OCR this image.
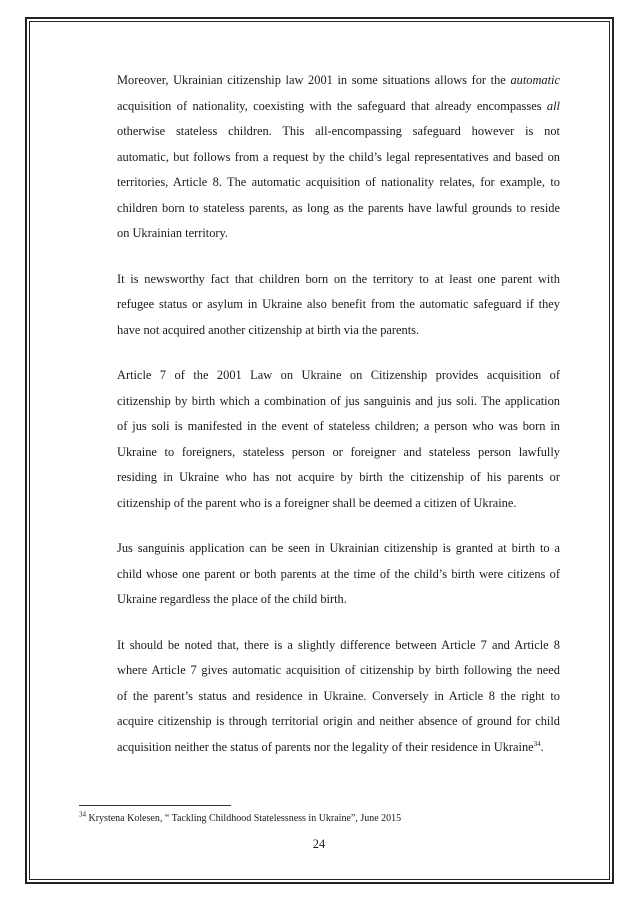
Moreover, Ukrainian citizenship law 2001 in some situations allows for the automatic
acquisition of nationality, coexisting with the safeguard that already encompasses all
otherwise stateless children. This all-encompassing safeguard however is not
automatic, but follows from a request by the child’s legal representatives and based on
territories, Article 8. The automatic acquisition of nationality relates, for example, to
children born to stateless parents, as long as the parents have lawful grounds to reside
on Ukrainian territory.

It is newsworthy fact that children born on the territory to at least one parent with
refugee status or asylum in Ukraine also benefit from the automatic safeguard if they
have not acquired another citizenship at birth via the parents.

Article 7 of the 2001 Law on Ukraine on Citizenship provides acquisition of
citizenship by birth which a combination of jus sanguinis and jus soli. The application
of jus soli is manifested in the event of stateless children; a person who was born in
Ukraine to foreigners, stateless person or foreigner and stateless person lawfully
residing in Ukraine who has not acquire by birth the citizenship of his parents or
citizenship of the parent who is a foreigner shall be deemed a citizen of Ukraine.

Jus sanguinis application can be seen in Ukrainian citizenship is granted at birth to a
child whose one parent or both parents at the time of the child’s birth were citizens of
Ukraine regardless the place of the child birth.

It should be noted that, there is a slightly difference between Article 7 and Article 8
where Article 7 gives automatic acquisition of citizenship by birth following the need
of the parent’s status and residence in Ukraine. Conversely in Article 8 the right to
acquire citizenship is through territorial origin and neither absence of ground for child
acquisition neither the status of parents nor the legality of their residence in Ukraine$^{34}$.

$^{34}$ Krystena Kolesen, “ Tackling Childhood Statelessness in Ukraine”, June 2015
24
